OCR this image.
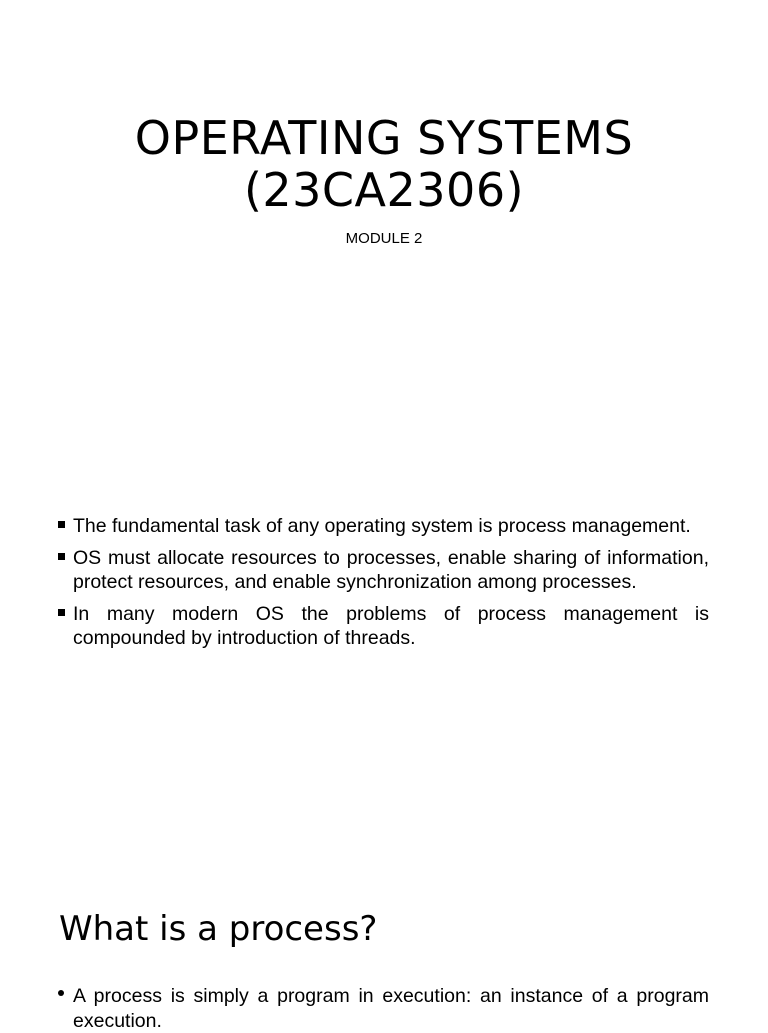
OPERATING SYSTEMS
(23CA2306)
MODULE 2
The fundamental task of any operating system is process management.
OS must allocate resources to processes, enable sharing of information, protect resources, and enable synchronization among processes.
In many modern OS the problems of process management is compounded by introduction of threads.
What is a process?
A process is simply a program in execution: an instance of a program execution.
